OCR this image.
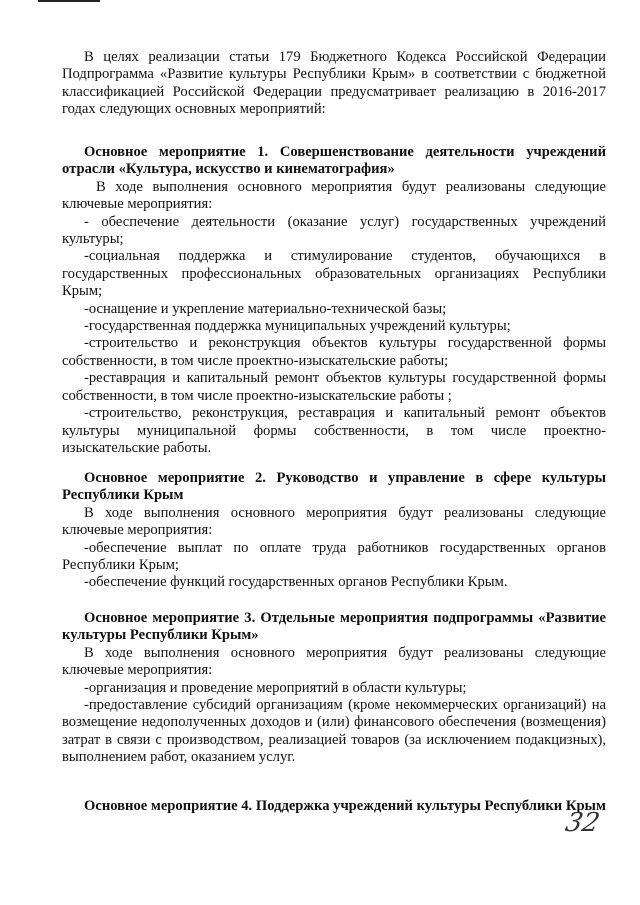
В целях реализации статьи 179 Бюджетного Кодекса Российской Федерации Подпрограмма «Развитие культуры Республики Крым» в соответствии с бюджетной классификацией Российской Федерации предусматривает реализацию в 2016-2017 годах следующих основных мероприятий:

Основное мероприятие 1. Совершенствование деятельности учреждений отрасли «Культура, искусство и кинематография»

В ходе выполнения основного мероприятия будут реализованы следующие ключевые мероприятия:

- обеспечение деятельности (оказание услуг) государственных учреждений культуры;

-социальная поддержка и стимулирование студентов, обучающихся в государственных профессиональных образовательных организациях Республики Крым;

-оснащение и укрепление материально-технической базы;

-государственная поддержка муниципальных учреждений культуры;

-строительство и реконструкция объектов культуры государственной формы собственности, в том числе проектно-изыскательские работы;

-реставрация и капитальный ремонт объектов культуры государственной формы собственности, в том числе проектно-изыскательские работы ;

-строительство, реконструкция, реставрация и капитальный ремонт объектов культуры муниципальной формы собственности, в том числе проектно-изыскательские работы.

Основное мероприятие 2. Руководство и управление в сфере культуры Республики Крым

В ходе выполнения основного мероприятия будут реализованы следующие ключевые мероприятия:

-обеспечение выплат по оплате труда работников государственных органов Республики Крым;

-обеспечение функций государственных органов Республики Крым.

Основное мероприятие 3. Отдельные мероприятия подпрограммы «Развитие культуры Республики Крым»

В ходе выполнения основного мероприятия будут реализованы следующие ключевые мероприятия:

-организация и проведение мероприятий в области культуры;

-предоставление субсидий организациям (кроме некоммерческих организаций) на возмещение недополученных доходов и (или) финансового обеспечения (возмещения) затрат в связи с производством, реализацией товаров (за исключением подакцизных), выполнением работ, оказанием услуг.

Основное мероприятие 4. Поддержка учреждений культуры Республики Крым

32
